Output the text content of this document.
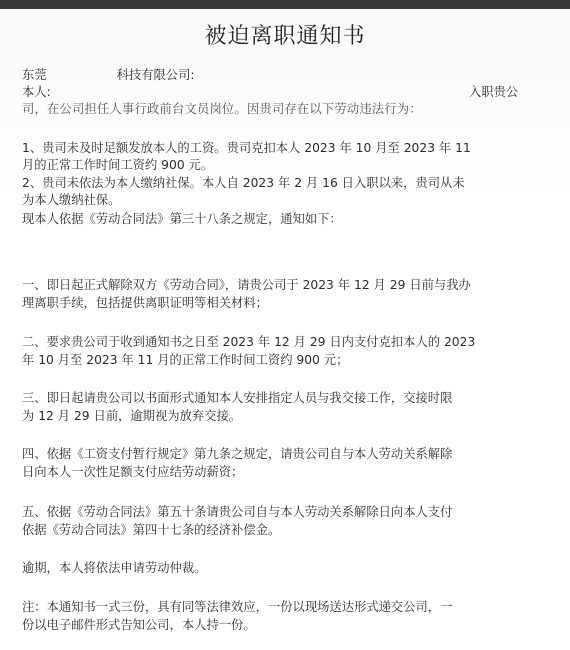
被迫离职通知书
东莞	科技有限公司:
本人:	入职贵公
司，在公司担任人事行政前台文员岗位。因贵司存在以下劳动违法行为：
1、贵司未及时足额发放本人的工资。贵司克扣本人 2023 年 10 月至 2023 年 11
月的正常工作时间工资约 900 元。
2、贵司未依法为本人缴纳社保。本人自 2023 年 2 月 16 日入职以来，贵司从未
为本人缴纳社保。
现本人依据《劳动合同法》第三十八条之规定，通知如下：
一、即日起正式解除双方《劳动合同》，请贵公司于 2023 年 12 月 29 日前与我办
理离职手续，包括提供离职证明等相关材料；
二、要求贵公司于收到通知书之日至 2023 年 12 月 29 日内支付克扣本人的 2023
年 10 月至 2023 年 11 月的正常工作时间工资约 900 元；
三、即日起请贵公司以书面形式通知本人安排指定人员与我交接工作，交接时限
为 12 月 29 日前，逾期视为放弃交接。
四、依据《工资支付暂行规定》第九条之规定，请贵公司自与本人劳动关系解除
日向本人一次性足额支付应结劳动薪资；
五、依据《劳动合同法》第五十条请贵公司自与本人劳动关系解除日向本人支付
依据《劳动合同法》第四十七条的经济补偿金。
逾期，本人将依法申请劳动仲裁。
注：本通知书一式三份，具有同等法律效应，一份以现场送达形式递交公司，一
份以电子邮件形式告知公司，本人持一份。
